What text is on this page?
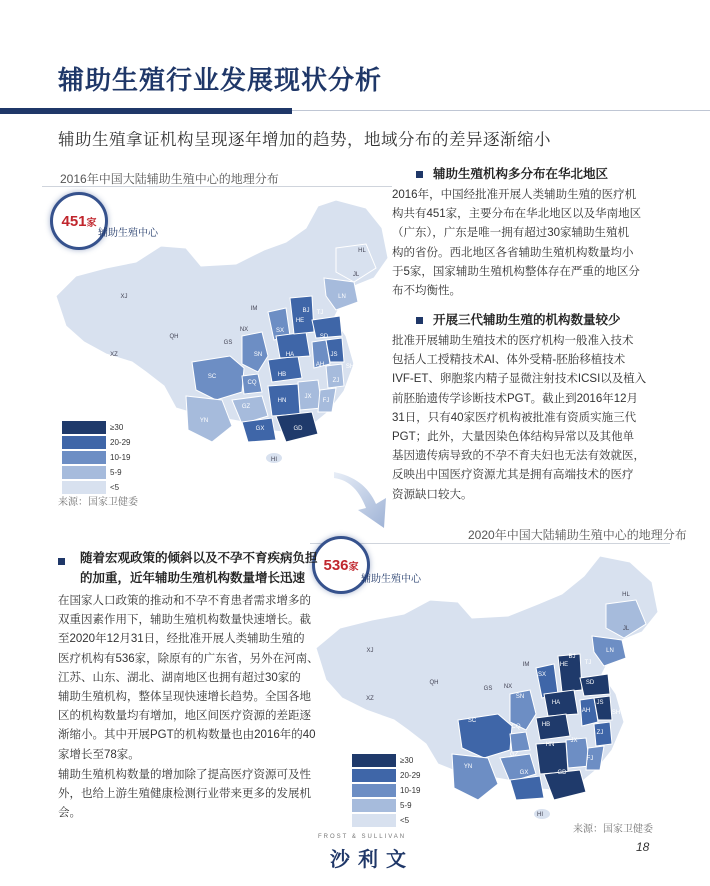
辅助生殖行业发展现状分析
辅助生殖拿证机构呈现逐年增加的趋势，地域分布的差异逐渐缩小
2016年中国大陆辅助生殖中心的地理分布
XJ
XZ
QH
GS
NX
IM
SX
HE
BJ TJ
SD
LN
JL
HL
SN	HA	JS
SH
AH
HB
CQ
SC
ZJ
JX
HN
GZ
YN
FJ
GX	GD
HI
451家
辅助生殖中心
≥30
20-29
10-19
5-9
<5
来源：国家卫健委
辅助生殖机构多分布在华北地区
2016年，中国经批准开展人类辅助生殖的医疗机
构共有451家，主要分布在华北地区以及华南地区
（广东），广东是唯一拥有超过30家辅助生殖机
构的省份。西北地区各省辅助生殖机构数量均小
于5家，国家辅助生殖机构整体存在严重的地区分
布不均衡性。
开展三代辅助生殖的机构数量较少
批准开展辅助生殖技术的医疗机构一般准入技术
包括人工授精技术AI、体外受精-胚胎移植技术
IVF-ET、卵胞浆内精子显微注射技术ICSI以及植入
前胚胎遗传学诊断技术PGT。截止到2016年12月
31日，只有40家医疗机构被批准有资质实施三代
PGT；此外，大量因染色体结构异常以及其他单
基因遗传病导致的不孕不育夫妇也无法有效就医，
反映出中国医疗资源尤其是拥有高端技术的医疗
资源缺口较大。
2020年中国大陆辅助生殖中心的地理分布
XJ
XZ
QH
GS NX
IM
SX
HE
BJ
TJ
SD
LN
JL
HL
SN
HA	JS
SH
AH
HB
CQ
SC
ZJ
JX
HN
GZ
YN
FJ
GX	GD
HI
536家
辅助生殖中心
≥30
20-29
10-19
5-9
<5
来源：国家卫健委
随着宏观政策的倾斜以及不孕不育疾病负担
的加重，近年辅助生殖机构数量增长迅速
在国家人口政策的推动和不孕不育患者需求增多的
双重因素作用下，辅助生殖机构数量快速增长。截
至2020年12月31日，经批准开展人类辅助生殖的
医疗机构有536家，除原有的广东省，另外在河南、
江苏、山东、湖北、湖南地区也拥有超过30家的
辅助生殖机构，整体呈现快速增长趋势。全国各地
区的机构数量均有增加，地区间医疗资源的差距逐
渐缩小。其中开展PGT的机构数量也由2016年的40
家增长至78家。
辅助生殖机构数量的增加除了提高医疗资源可及性
外，也给上游生殖健康检测行业带来更多的发展机
会。
FROST & SULLIVAN
沙利文
18
